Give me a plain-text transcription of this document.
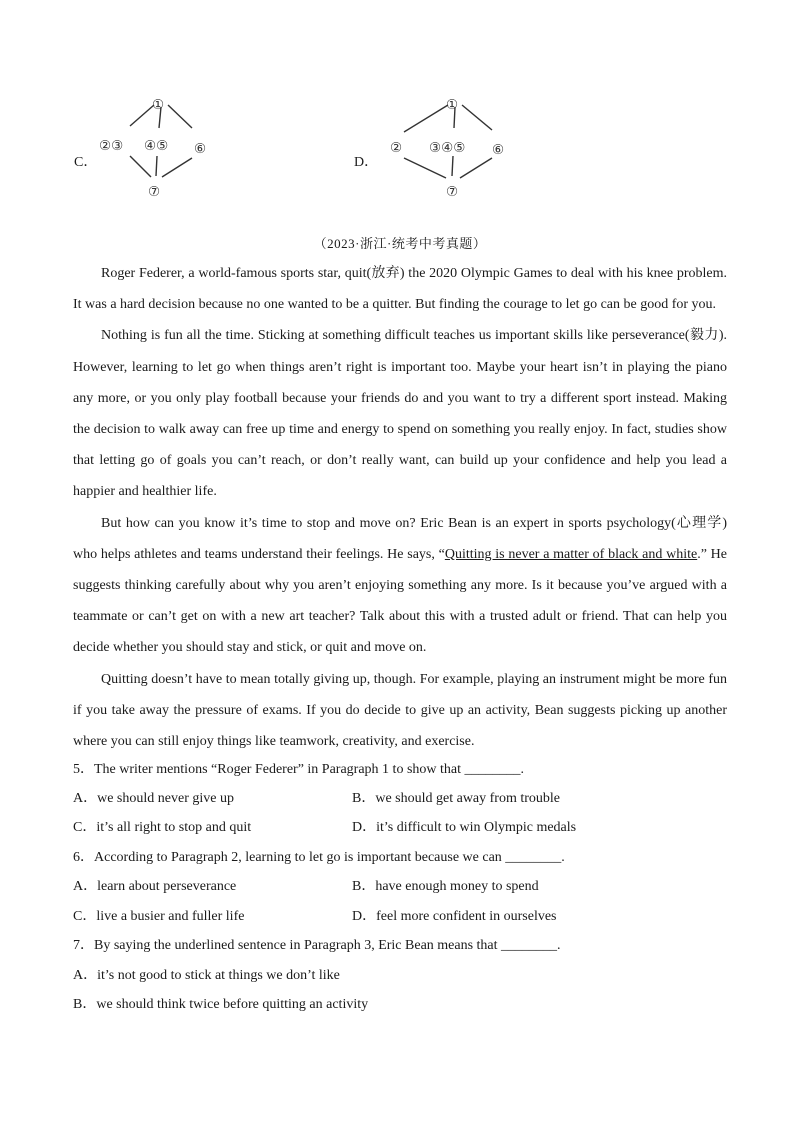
C．
①
②③ ④⑤ ⑥
⑦
D．
①
② ③④⑤ ⑥
⑦
（2023·浙江·统考中考真题）

Roger Federer, a world-famous sports star, quit(放弃) the 2020 Olympic Games to deal with his knee problem. It was a hard decision because no one wanted to be a quitter. But finding the courage to let go can be good for you.

Nothing is fun all the time. Sticking at something difficult teaches us important skills like perseverance(毅力). However, learning to let go when things aren’t right is important too. Maybe your heart isn’t in playing the piano any more, or you only play football because your friends do and you want to try a different sport instead. Making the decision to walk away can free up time and energy to spend on something you really enjoy. In fact, studies show that letting go of goals you can’t reach, or don’t really want, can build up your confidence and help you lead a happier and healthier life.

But how can you know it’s time to stop and move on? Eric Bean is an expert in sports psychology(心理学) who helps athletes and teams understand their feelings. He says, “Quitting is never a matter of black and white.” He suggests thinking carefully about why you aren’t enjoying something any more. Is it because you’ve argued with a teammate or can’t get on with a new art teacher? Talk about this with a trusted adult or friend. That can help you decide whether you should stay and stick, or quit and move on.

Quitting doesn’t have to mean totally giving up, though. For example, playing an instrument might be more fun if you take away the pressure of exams. If you do decide to give up an activity, Bean suggests picking up another where you can still enjoy things like teamwork, creativity, and exercise.

5．The writer mentions “Roger Federer” in Paragraph 1 to show that ________.
A．we should never give up	B．we should get away from trouble
C．it’s all right to stop and quit	D．it’s difficult to win Olympic medals
6．According to Paragraph 2, learning to let go is important because we can ________.
A．learn about perseverance	B．have enough money to spend
C．live a busier and fuller life	D．feel more confident in ourselves
7．By saying the underlined sentence in Paragraph 3, Eric Bean means that ________.
A．it’s not good to stick at things we don’t like
B．we should think twice before quitting an activity
